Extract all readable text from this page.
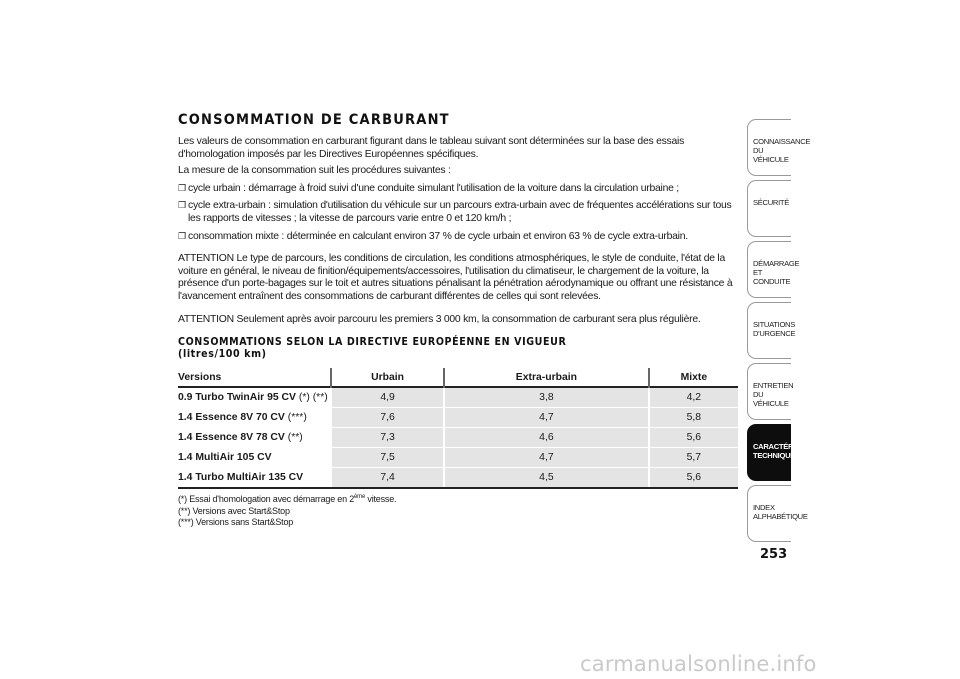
CONSOMMATION DE CARBURANT
Les valeurs de consommation en carburant figurant dans le tableau suivant sont déterminées sur la base des essais d'homologation imposés par les Directives Européennes spécifiques.
La mesure de la consommation suit les procédures suivantes :
❒ cycle urbain : démarrage à froid suivi d'une conduite simulant l'utilisation de la voiture dans la circulation urbaine ;
❒ cycle extra-urbain : simulation d'utilisation du véhicule sur un parcours extra-urbain avec de fréquentes accélérations sur tous les rapports de vitesses ; la vitesse de parcours varie entre 0 et 120 km/h ;
❒ consommation mixte : déterminée en calculant environ 37 % de cycle urbain et environ 63 % de cycle extra-urbain.
ATTENTION Le type de parcours, les conditions de circulation, les conditions atmosphériques, le style de conduite, l'état de la voiture en général, le niveau de finition/équipements/accessoires, l'utilisation du climatiseur, le chargement de la voiture, la présence d'un porte-bagages sur le toit et autres situations pénalisant la pénétration aérodynamique ou offrant une résistance à l'avancement entraînent des consommations de carburant différentes de celles qui sont relevées.
ATTENTION Seulement après avoir parcouru les premiers 3 000 km, la consommation de carburant sera plus régulière.
CONSOMMATIONS SELON LA DIRECTIVE EUROPÉENNE EN VIGUEUR
(litres/100 km)
Versions	Urbain	Extra-urbain	Mixte
0.9 Turbo TwinAir 95 CV (*) (**)	4,9	3,8	4,2
1.4 Essence 8V 70 CV (***)	7,6	4,7	5,8
1.4 Essence 8V 78 CV (**)	7,3	4,6	5,6
1.4 MultiAir 105 CV	7,5	4,7	5,7
1.4 Turbo MultiAir 135 CV	7,4	4,5	5,6
(*) Essai d'homologation avec démarrage en 2ème vitesse.
(**) Versions avec Start&Stop
(***) Versions sans Start&Stop
CONNAISSANCE DU
VÉHICULE
SÉCURITÉ
DÉMARRAGE ET
CONDUITE
SITUATIONS
D'URGENCE
ENTRETIEN DU
VÉHICULE
CARACTÉRISTIQUES
TECHNIQUES
INDEX
ALPHABÉTIQUE
253
carmanualsonline.info
